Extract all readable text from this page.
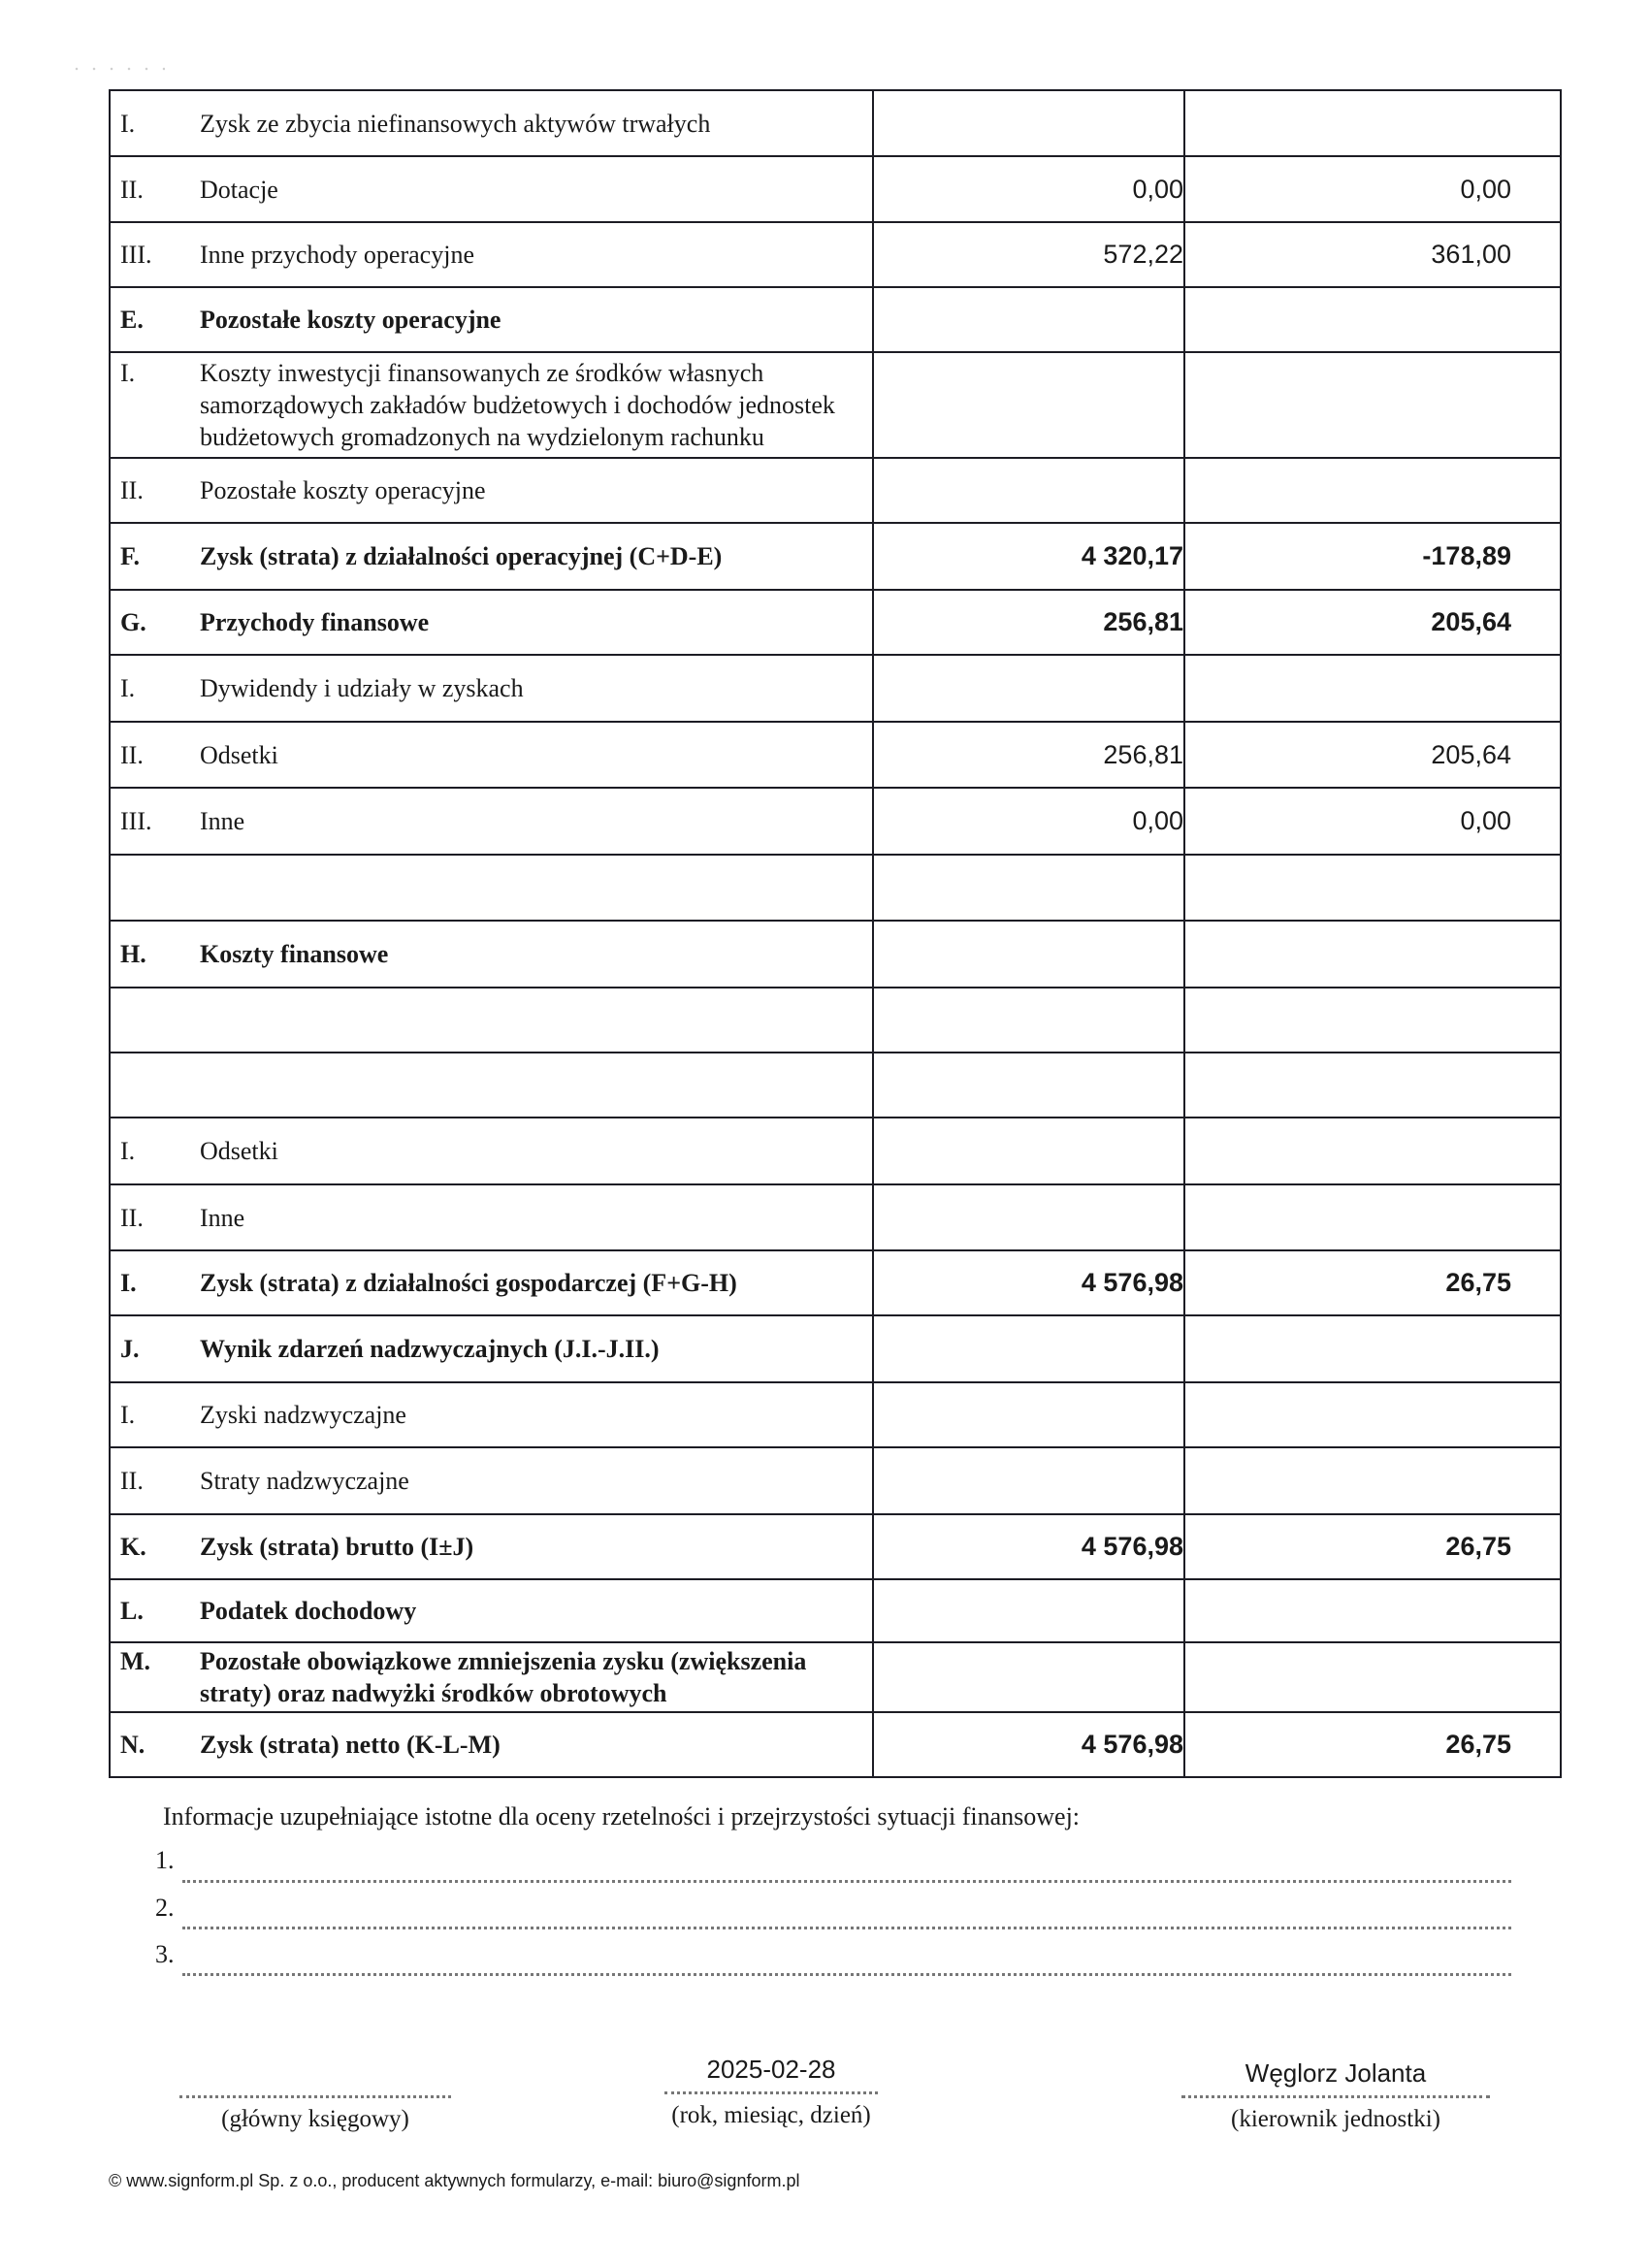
I. Zysk ze zbycia niefinansowych aktywów trwałych		

II. Dotacje	0,00	0,00

III. Inne przychody operacyjne	572,22	361,00

E. Pozostałe koszty operacyjne		

I. Koszty inwestycji finansowanych ze środków własnych samorządowych zakładów budżetowych i dochodów jednostek budżetowych gromadzonych na wydzielonym rachunku		

II. Pozostałe koszty operacyjne		

F. Zysk (strata) z działalności operacyjnej (C+D-E)	4 320,17	-178,89

G. Przychody finansowe	256,81	205,64

I. Dywidendy i udziały w zyskach		

II. Odsetki	256,81	205,64

III. Inne	0,00	0,00

H. Koszty finansowe		

I. Odsetki		

II. Inne		

I. Zysk (strata) z działalności gospodarczej (F+G-H)	4 576,98	26,75

J. Wynik zdarzeń nadzwyczajnych (J.I.-J.II.)		

I. Zyski nadzwyczajne		

II. Straty nadzwyczajne		

K. Zysk (strata) brutto (I±J)	4 576,98	26,75

L. Podatek dochodowy		

M. Pozostałe obowiązkowe zmniejszenia zysku (zwiększenia straty) oraz nadwyżki środków obrotowych		

N. Zysk (strata) netto (K-L-M)	4 576,98	26,75
Informacje uzupełniające istotne dla oceny rzetelności i przejrzystości sytuacji finansowej:
1.
2.
3.
(główny księgowy)
2025-02-28
(rok, miesiąc, dzień)
Węglorz Jolanta
(kierownik jednostki)
© www.signform.pl Sp. z o.o., producent aktywnych formularzy, e-mail: biuro@signform.pl
